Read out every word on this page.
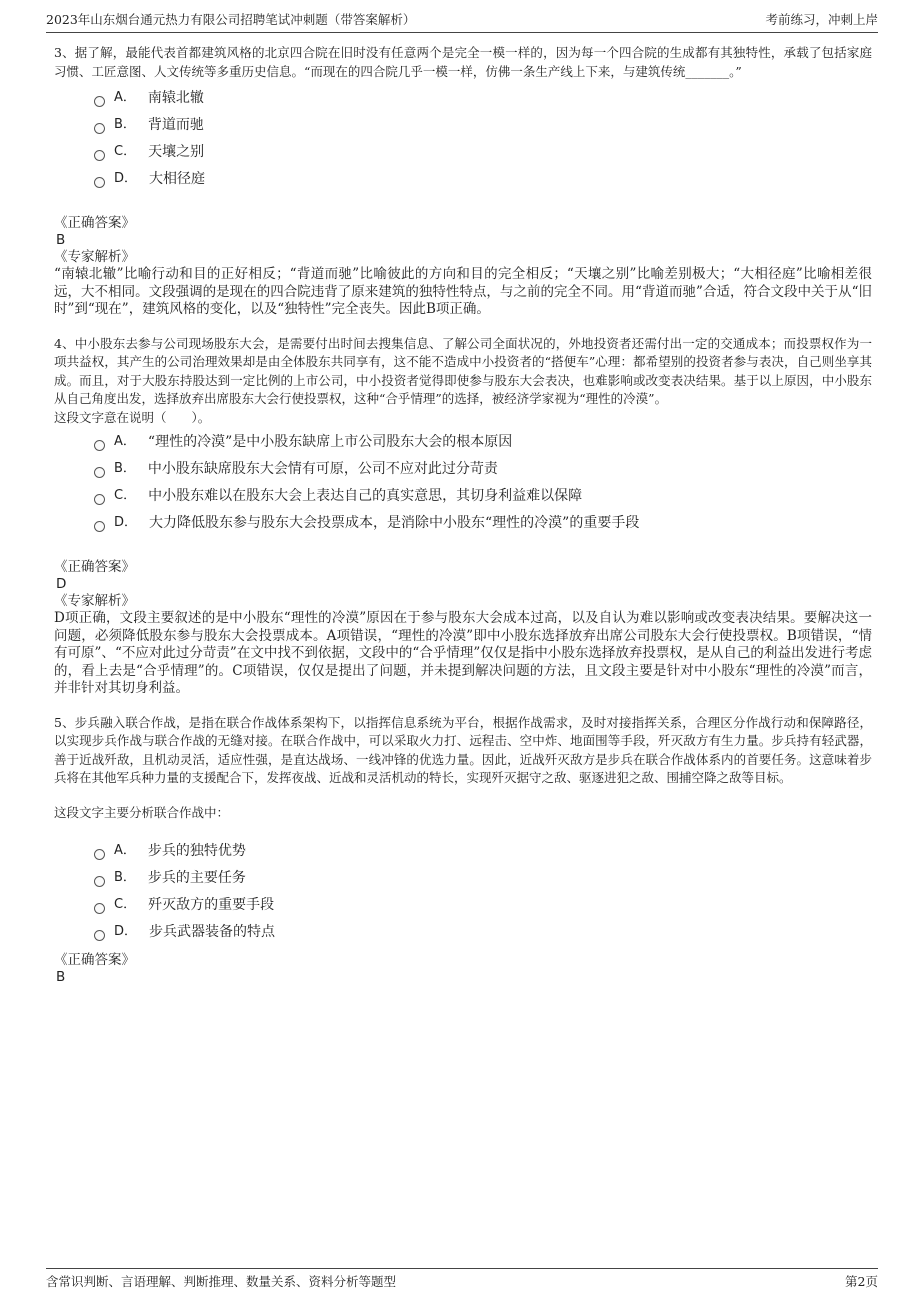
2023年山东烟台通元热力有限公司招聘笔试冲刺题（带答案解析）	考前练习，冲刺上岸

3、据了解，最能代表首都建筑风格的北京四合院在旧时没有任意两个是完全一模一样的，因为每一个四合院的生成都有其独特性，承载了包括家庭习惯、工匠意图、人文传统等多重历史信息。“而现在的四合院几乎一模一样，仿佛一条生产线上下来，与建筑传统_______。”

A． 南辕北辙
B． 背道而驰
C． 天壤之别
D． 大相径庭

《正确答案》

B

《专家解析》

“南辕北辙”比喻行动和目的正好相反；“背道而驰”比喻彼此的方向和目的完全相反；“天壤之别”比喻差别极大；“大相径庭”比喻相差很远，大不相同。文段强调的是现在的四合院违背了原来建筑的独特性特点，与之前的完全不同。用“背道而驰”合适，符合文段中关于从“旧时”到“现在”，建筑风格的变化，以及“独特性”完全丧失。因此B项正确。

4、中小股东去参与公司现场股东大会，是需要付出时间去搜集信息、了解公司全面状况的，外地投资者还需付出一定的交通成本；而投票权作为一项共益权，其产生的公司治理效果却是由全体股东共同享有，这不能不造成中小投资者的“搭便车”心理：都希望别的投资者参与表决，自己则坐享其成。而且，对于大股东持股达到一定比例的上市公司，中小投资者觉得即使参与股东大会表决，也难影响或改变表决结果。基于以上原因，中小股东从自己角度出发，选择放弃出席股东大会行使投票权，这种“合乎情理”的选择，被经济学家视为“理性的冷漠”。

这段文字意在说明（　　）。

A． “理性的冷漠”是中小股东缺席上市公司股东大会的根本原因
B． 中小股东缺席股东大会情有可原，公司不应对此过分苛责
C． 中小股东难以在股东大会上表达自己的真实意思，其切身利益难以保障
D． 大力降低股东参与股东大会投票成本，是消除中小股东“理性的冷漠”的重要手段

《正确答案》

D

《专家解析》

D项正确，文段主要叙述的是中小股东“理性的冷漠”原因在于参与股东大会成本过高，以及自认为难以影响或改变表决结果。要解决这一问题，必须降低股东参与股东大会投票成本。A项错误，“理性的冷漠”即中小股东选择放弃出席公司股东大会行使投票权。B项错误，“情有可原”、“不应对此过分苛责”在文中找不到依据，文段中的“合乎情理”仅仅是指中小股东选择放弃投票权，是从自己的利益出发进行考虑的，看上去是“合乎情理”的。C项错误，仅仅是提出了问题，并未提到解决问题的方法，且文段主要是针对中小股东“理性的冷漠”而言，并非针对其切身利益。

5、步兵融入联合作战，是指在联合作战体系架构下，以指挥信息系统为平台，根据作战需求，及时对接指挥关系，合理区分作战行动和保障路径，以实现步兵作战与联合作战的无缝对接。在联合作战中，可以采取火力打、远程击、空中炸、地面围等手段，歼灭敌方有生力量。步兵持有轻武器，善于近战歼敌，且机动灵活，适应性强，是直达战场、一线冲锋的优选力量。因此，近战歼灭敌方是步兵在联合作战体系内的首要任务。这意味着步兵将在其他军兵种力量的支援配合下，发挥夜战、近战和灵活机动的特长，实现歼灭据守之敌、驱逐进犯之敌、围捕空降之敌等目标。

这段文字主要分析联合作战中：

A． 步兵的独特优势
B． 步兵的主要任务
C． 歼灭敌方的重要手段
D． 步兵武器装备的特点

《正确答案》

B

含常识判断、言语理解、判断推理、数量关系、资料分析等题型	第2页
